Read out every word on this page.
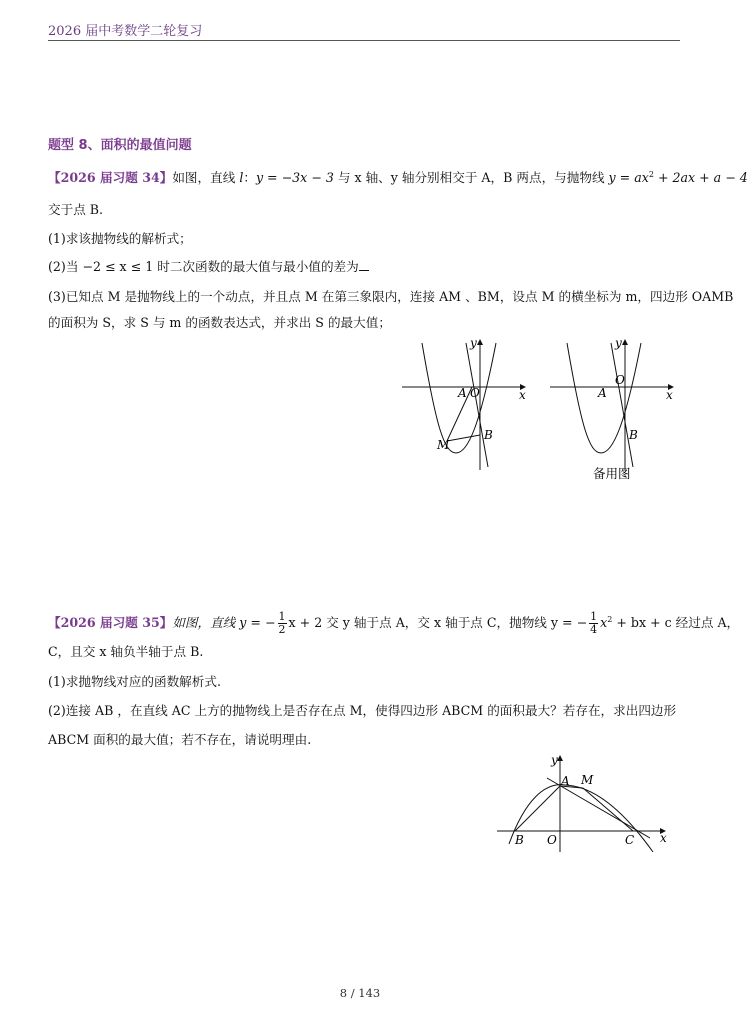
2026 届中考数学二轮复习
题型 8、面积的最值问题
【2026 届习题 34】如图，直线 l：y = −3x − 3 与 x 轴、y 轴分别相交于 A，B 两点，与抛物线 $y = ax^2 + 2ax + a - 4$
交于点 B.
(1)求该抛物线的解析式；
(2)当 −2 ≤ x ≤ 1 时二次函数的最大值与最小值的差为
(3)已知点 M 是抛物线上的一个动点，并且点 M 在第三象限内，连接 AM 、BM，设点 M 的横坐标为 m，四边形 OAMB
的面积为 S，求 S 与 m 的函数表达式，并求出 S 的最大值；
x
y
A O
B
M
x
y
O
A
B
备用图
【2026 届习题 35】如图，直线 y = − $\frac{1}{2}$ x + 2 交 y 轴于点 A，交 x 轴于点 C，抛物线 y = − $\frac{1}{4} x^2$ + bx + c 经过点 A，
C，且交 x 轴负半轴于点 B.
(1)求抛物线对应的函数解析式.
(2)连接 AB ，在直线 AC 上方的抛物线上是否存在点 M，使得四边形 ABCM 的面积最大？若存在，求出四边形
ABCM 面积的最大值；若不存在，请说明理由.
x
y
A M
B O	C
8 / 143
